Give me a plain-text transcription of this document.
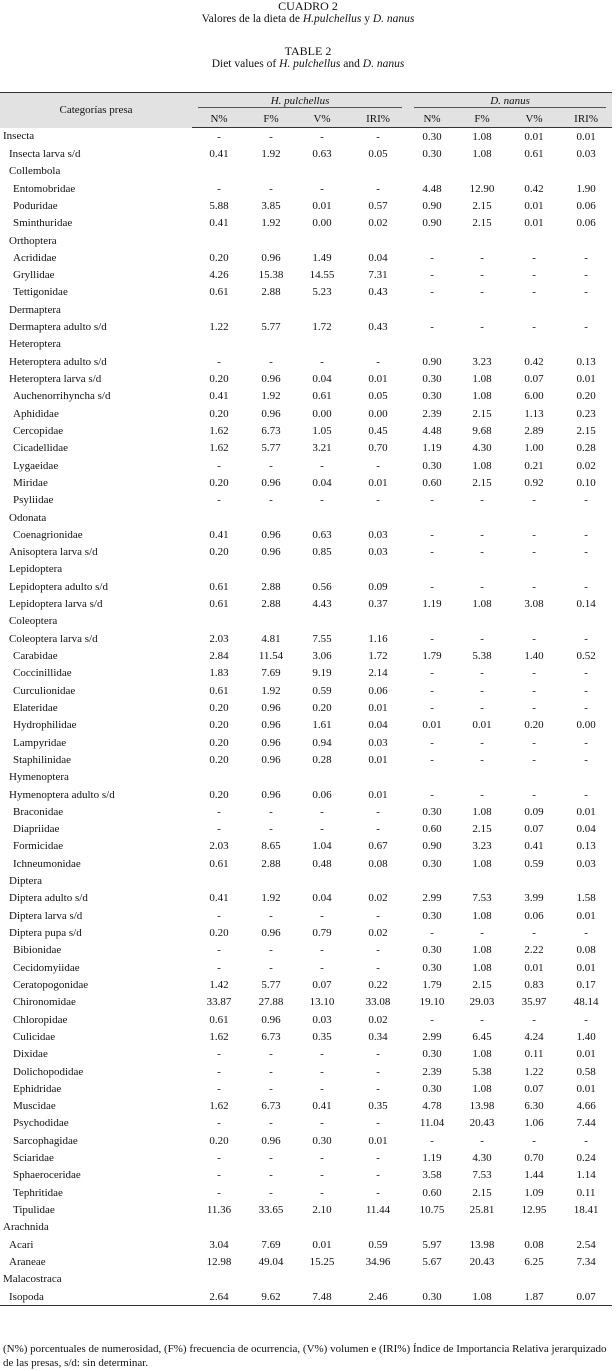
CUADRO 2
Valores de la dieta de H.pulchellus y D. nanus
TABLE 2
Diet values of H. pulchellus and D. nanus
Categorías presa	H. pulchellus				D. nanus			

	N%	F%	V%	IRI%	N%	F%	V%	IRI%
Insecta	-	-	-	-	0.30	1.08	0.01	0.01
Insecta larva s/d	0.41	1.92	0.63	0.05	0.30	1.08	0.61	0.03
Collembola								
Entomobridae	-	-	-	-	4.48	12.90	0.42	1.90
Poduridae	5.88	3.85	0.01	0.57	0.90	2.15	0.01	0.06
Sminthuridae	0.41	1.92	0.00	0.02	0.90	2.15	0.01	0.06
Orthoptera								
Acrididae	0.20	0.96	1.49	0.04	-	-	-	-
Gryllidae	4.26	15.38	14.55	7.31	-	-	-	-
Tettigonidae	0.61	2.88	5.23	0.43	-	-	-	-
Dermaptera								
Dermaptera adulto s/d	1.22	5.77	1.72	0.43	-	-	-	-
Heteroptera								
Heteroptera adulto s/d	-	-	-	-	0.90	3.23	0.42	0.13
Heteroptera larva s/d	0.20	0.96	0.04	0.01	0.30	1.08	0.07	0.01
Auchenorrihyncha s/d	0.41	1.92	0.61	0.05	0.30	1.08	6.00	0.20
Aphididae	0.20	0.96	0.00	0.00	2.39	2.15	1.13	0.23
Cercopidae	1.62	6.73	1.05	0.45	4.48	9.68	2.89	2.15
Cicadellidae	1.62	5.77	3.21	0.70	1.19	4.30	1.00	0.28
Lygaeidae	-	-	-	-	0.30	1.08	0.21	0.02
Miridae	0.20	0.96	0.04	0.01	0.60	2.15	0.92	0.10
Psyliidae	-	-	-	-	-	-	-	-
Odonata								
Coenagrionidae	0.41	0.96	0.63	0.03	-	-	-	-
Anisoptera larva s/d	0.20	0.96	0.85	0.03	-	-	-	-
Lepidoptera								
Lepidoptera adulto s/d	0.61	2.88	0.56	0.09	-	-	-	-
Lepidoptera larva s/d	0.61	2.88	4.43	0.37	1.19	1.08	3.08	0.14
Coleoptera								
Coleoptera larva s/d	2.03	4.81	7.55	1.16	-	-	-	-
Carabidae	2.84	11.54	3.06	1.72	1.79	5.38	1.40	0.52
Coccinillidae	1.83	7.69	9.19	2.14	-	-	-	-
Curculionidae	0.61	1.92	0.59	0.06	-	-	-	-
Elateridae	0.20	0.96	0.20	0.01	-	-	-	-
Hydrophilidae	0.20	0.96	1.61	0.04	0.01	0.01	0.20	0.00
Lampyridae	0.20	0.96	0.94	0.03	-	-	-	-
Staphilinidae	0.20	0.96	0.28	0.01	-	-	-	-
Hymenoptera								
Hymenoptera adulto s/d	0.20	0.96	0.06	0.01	-	-	-	-
Braconidae	-	-	-	-	0.30	1.08	0.09	0.01
Diapriidae	-	-	-	-	0.60	2.15	0.07	0.04
Formicidae	2.03	8.65	1.04	0.67	0.90	3.23	0.41	0.13
Ichneumonidae	0.61	2.88	0.48	0.08	0.30	1.08	0.59	0.03
Diptera								
Diptera adulto s/d	0.41	1.92	0.04	0.02	2.99	7.53	3.99	1.58
Diptera larva s/d	-	-	-	-	0.30	1.08	0.06	0.01
Diptera pupa s/d	0.20	0.96	0.79	0.02	-	-	-	-
Bibionidae	-	-	-	-	0.30	1.08	2.22	0.08
Cecidomyiidae	-	-	-	-	0.30	1.08	0.01	0.01
Ceratopogonidae	1.42	5.77	0.07	0.22	1.79	2.15	0.83	0.17
Chironomidae	33.87	27.88	13.10	33.08	19.10	29.03	35.97	48.14
Chloropidae	0.61	0.96	0.03	0.02	-	-	-	-
Culicidae	1.62	6.73	0.35	0.34	2.99	6.45	4.24	1.40
Dixidae	-	-	-	-	0.30	1.08	0.11	0.01
Dolichopodidae	-	-	-	-	2.39	5.38	1.22	0.58
Ephidridae	-	-	-	-	0.30	1.08	0.07	0.01
Muscidae	1.62	6.73	0.41	0.35	4.78	13.98	6.30	4.66
Psychodidae	-	-	-	-	11.04	20.43	1.06	7.44
Sarcophagidae	0.20	0.96	0.30	0.01	-	-	-	-
Sciaridae	-	-	-	-	1.19	4.30	0.70	0.24
Sphaeroceridae	-	-	-	-	3.58	7.53	1.44	1.14
Tephritidae	-	-	-	-	0.60	2.15	1.09	0.11
Tipulidae	11.36	33.65	2.10	11.44	10.75	25.81	12.95	18.41
Arachnida								
Acari	3.04	7.69	0.01	0.59	5.97	13.98	0.08	2.54
Araneae	12.98	49.04	15.25	34.96	5.67	20.43	6.25	7.34
Malacostraca								
Isopoda	2.64	9.62	7.48	2.46	0.30	1.08	1.87	0.07
(N%) porcentuales de numerosidad, (F%) frecuencia de ocurrencia, (V%) volumen e (IRI%) Índice de Importancia Relativa jerarquizado de las presas, s/d: sin determinar.
